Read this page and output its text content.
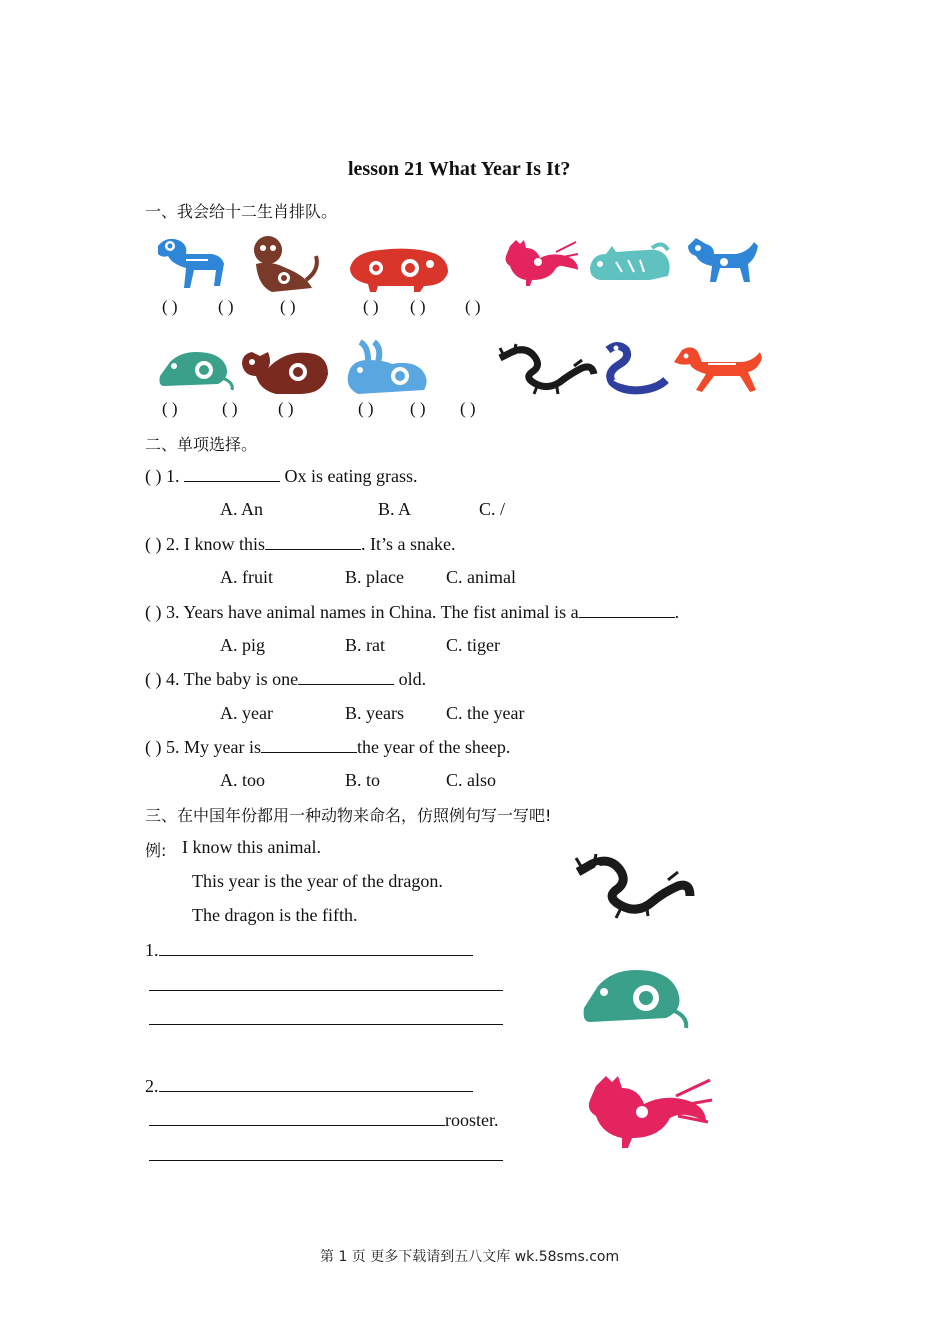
lesson 21 What Year Is It?
一、我会给十二生肖排队。
( ) ( )	( )	( ) ( ) ( )
( )	( ) ( )	( ) ( ) ( )
二、单项选择。
( ) 1.	Ox is eating grass.
A. An	B. A	C. /
( ) 2. I know this	. It’s a snake.
A. fruit	B. place C. animal
( ) 3. Years have animal names in China. The fist animal is a	.
A. pig	B. rat	C. tiger
( ) 4. The baby is one	old.
A. year	B. years C. the year
( ) 5. My year is	the year of the sheep.
A. too	B. to	C. also
三、在中国年份都用一种动物来命名，仿照例句写一写吧!
例: I know this animal.
This year is the year of the dragon.
The dragon is the fifth.
1.
2.
rooster.
第 1 页 更多下载请到五八文库 wk.58sms.com
